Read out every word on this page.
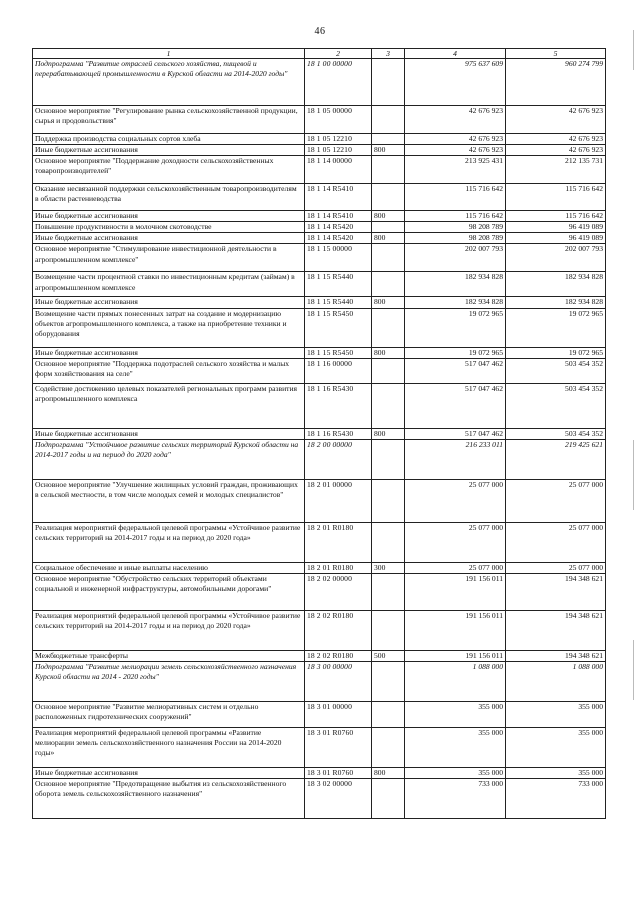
46
1	2	3	4	5
Подпрограмма "Развитие отраслей сельского хозяйства, пищевой и перерабатывающей промышленности в Курской области на 2014-2020 годы"	18 1 00 00000		975 637 609	960 274 799
Основное мероприятие "Регулирование рынка сельскохозяйственной продукции, сырья и продовольствия"	18 1 05 00000		42 676 923	42 676 923
Поддержка производства социальных сортов хлеба	18 1 05 12210		42 676 923	42 676 923
Иные бюджетные ассигнования	18 1 05 12210	800	42 676 923	42 676 923
Основное мероприятие "Поддержание доходности сельскохозяйственных товаропроизводителей"	18 1 14 00000		213 925 431	212 135 731
Оказание несвязанной поддержки сельскохозяйственным товаропроизводителям в области растениеводства	18 1 14 R5410		115 716 642	115 716 642
Иные бюджетные ассигнования	18 1 14 R5410	800	115 716 642	115 716 642
Повышение продуктивности в молочном скотоводстве	18 1 14 R5420		98 208 789	96 419 089
Иные бюджетные ассигнования	18 1 14 R5420	800	98 208 789	96 419 089
Основное мероприятие "Стимулирование инвестиционной деятельности в агропромышленном комплексе"	18 1 15 00000		202 007 793	202 007 793
Возмещение части процентной ставки по инвестиционным кредитам (займам) в агропромышленном комплексе	18 1 15 R5440		182 934 828	182 934 828
Иные бюджетные ассигнования	18 1 15 R5440	800	182 934 828	182 934 828
Возмещение части прямых понесенных затрат на создание и модернизацию объектов агропромышленного комплекса, а также на приобретение техники и оборудования	18 1 15 R5450		19 072 965	19 072 965
Иные бюджетные ассигнования	18 1 15 R5450	800	19 072 965	19 072 965
Основное мероприятие "Поддержка подотраслей сельского хозяйства и малых форм хозяйствования на селе"	18 1 16 00000		517 047 462	503 454 352
Содействие достижению целевых показателей региональных программ развития агропромышленного комплекса	18 1 16 R5430		517 047 462	503 454 352
Иные бюджетные ассигнования	18 1 16 R5430	800	517 047 462	503 454 352
Подпрограмма "Устойчивое развитие сельских территорий Курской области на 2014-2017 годы и на период до 2020 года"	18 2 00 00000		216 233 011	219 425 621
Основное мероприятие "Улучшение жилищных условий граждан, проживающих в сельской местности, в том числе молодых семей и молодых специалистов"	18 2 01 00000		25 077 000	25 077 000
Реализация мероприятий федеральной целевой программы «Устойчивое развитие сельских территорий на 2014-2017 годы и на период до 2020 года»	18 2 01 R0180		25 077 000	25 077 000
Социальное обеспечение и иные выплаты населению	18 2 01 R0180	300	25 077 000	25 077 000
Основное мероприятие "Обустройство сельских территорий объектами социальной и инженерной инфраструктуры, автомобильными дорогами"	18 2 02 00000		191 156 011	194 348 621
Реализация мероприятий федеральной целевой программы «Устойчивое развитие сельских территорий на 2014-2017 годы и на период до 2020 года»	18 2 02 R0180		191 156 011	194 348 621
Межбюджетные трансферты	18 2 02 R0180	500	191 156 011	194 348 621
Подпрограмма "Развитие мелиорации земель сельскохозяйственного назначения Курской области на 2014 - 2020 годы"	18 3 00 00000		1 088 000	1 088 000
Основное мероприятие "Развитие мелиоративных систем и отдельно расположенных гидротехнических сооружений"	18 3 01 00000		355 000	355 000
Реализация мероприятий федеральной целевой программы «Развитие мелиорации земель сельскохозяйственного назначения России на 2014-2020 годы»	18 3 01 R0760		355 000	355 000
Иные бюджетные ассигнования	18 3 01 R0760	800	355 000	355 000
Основное мероприятие "Предотвращение выбытия из сельскохозяйственного оборота земель сельскохозяйственного назначения"	18 3 02 00000		733 000	733 000
